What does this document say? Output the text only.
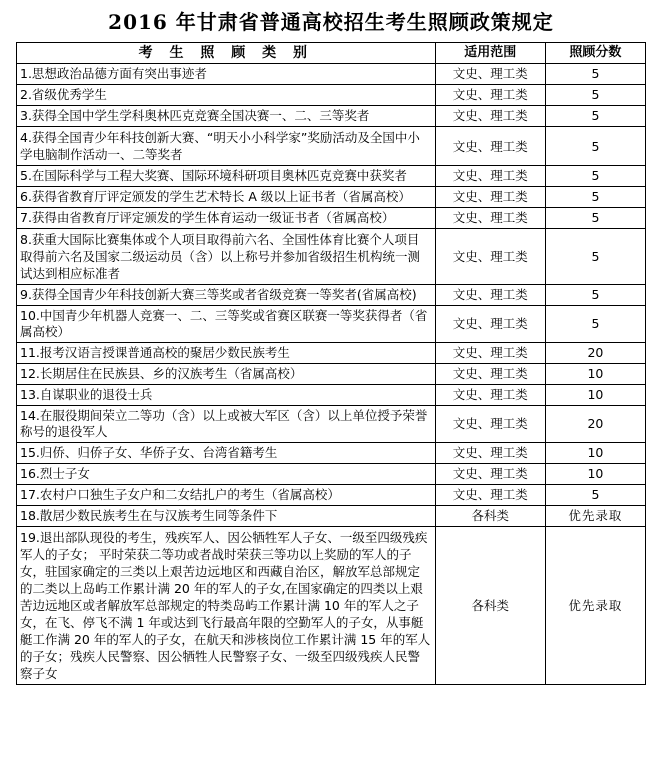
2016 年甘肃省普通高校招生考生照顾政策规定
考 生 照 顾 类 别	适用范围	照顾分数
1.思想政治品德方面有突出事迹者	文史、理工类	5
2.省级优秀学生	文史、理工类	5
3.获得全国中学生学科奥林匹克竞赛全国决赛一、二、三等奖者	文史、理工类	5
4.获得全国青少年科技创新大赛、“明天小小科学家”奖励活动及全国中小学电脑制作活动一、二等奖者	文史、理工类	5
5.在国际科学与工程大奖赛、国际环境科研项目奥林匹克竞赛中获奖者	文史、理工类	5
6.获得省教育厅评定颁发的学生艺术特长 A 级以上证书者（省属高校）	文史、理工类	5
7.获得由省教育厅评定颁发的学生体育运动一级证书者（省属高校）	文史、理工类	5
8.获重大国际比赛集体或个人项目取得前六名、全国性体育比赛个人项目取得前六名及国家二级运动员（含）以上称号并参加省级招生机构统一测试达到相应标准者	文史、理工类	5
9.获得全国青少年科技创新大赛三等奖或者省级竞赛一等奖者(省属高校)	文史、理工类	5
10.中国青少年机器人竞赛一、二、三等奖或省赛区联赛一等奖获得者（省属高校）	文史、理工类	5
11.报考汉语言授课普通高校的聚居少数民族考生	文史、理工类	20
12.长期居住在民族县、乡的汉族考生（省属高校）	文史、理工类	10
13.自谋职业的退役士兵	文史、理工类	10
14.在服役期间荣立二等功（含）以上或被大军区（含）以上单位授予荣誉称号的退役军人	文史、理工类	20
15.归侨、归侨子女、华侨子女、台湾省籍考生	文史、理工类	10
16.烈士子女	文史、理工类	10
17.农村户口独生子女户和二女结扎户的考生（省属高校）	文史、理工类	5
18.散居少数民族考生在与汉族考生同等条件下	各科类	优先录取
19.退出部队现役的考生，残疾军人、因公牺牲军人子女、一级至四级残疾军人的子女； 平时荣获二等功或者战时荣获三等功以上奖励的军人的子女，驻国家确定的三类以上艰苦边远地区和西藏自治区，解放军总部规定的二类以上岛屿工作累计满 20 年的军人的子女,在国家确定的四类以上艰苦边远地区或者解放军总部规定的特类岛屿工作累计满 10 年的军人之子女，在飞、停飞不满 1 年或达到飞行最高年限的空勤军人的子女，从事艇艇工作满 20 年的军人的子女，在航天和涉核岗位工作累计满 15 年的军人的子女；残疾人民警察、因公牺牲人民警察子女、一级至四级残疾人民警察子女	各科类	优先录取
